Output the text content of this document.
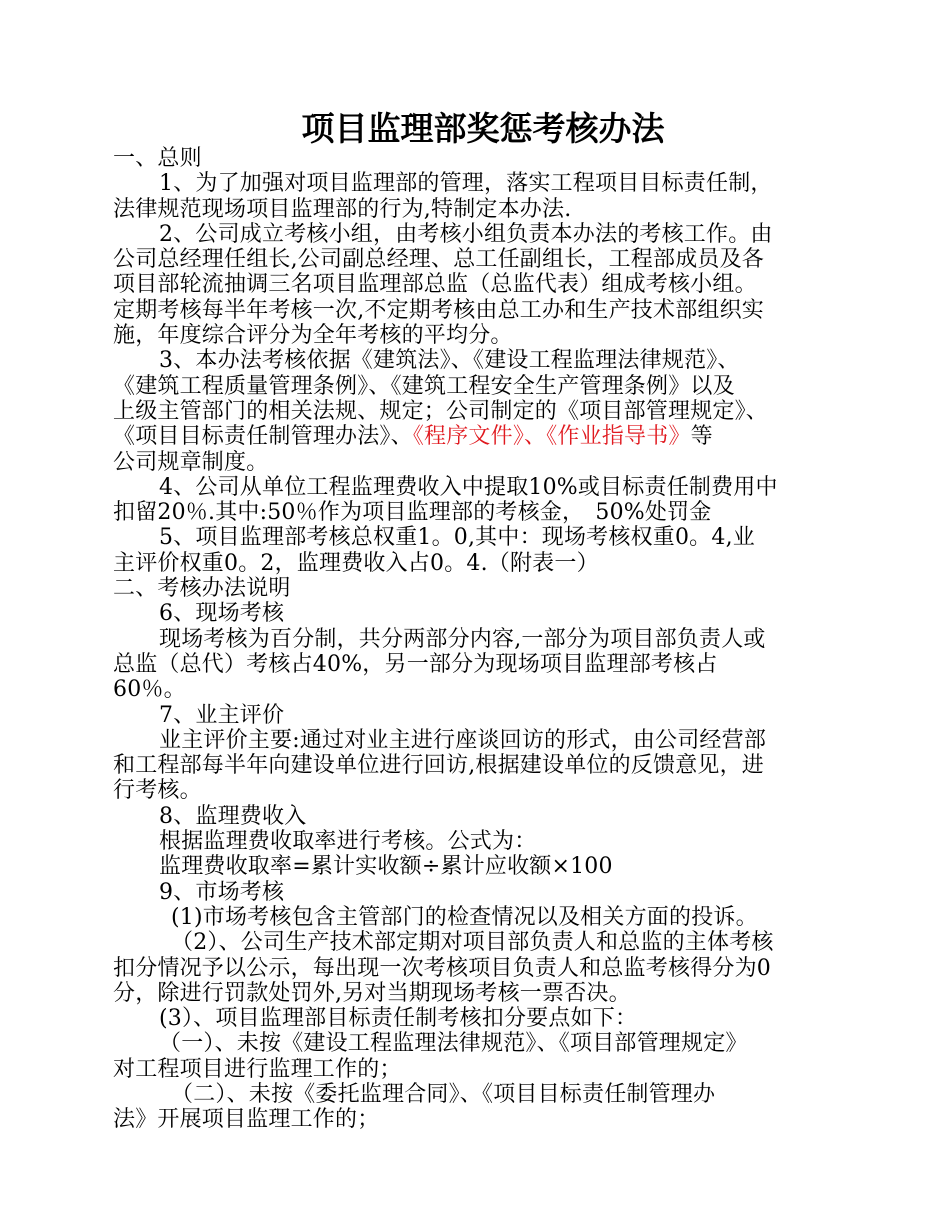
项目监理部奖惩考核办法
一、总则
1、为了加强对项目监理部的管理，落实工程项目目标责任制，
法律规范现场项目监理部的行为,特制定本办法.
2、公司成立考核小组，由考核小组负责本办法的考核工作。由
公司总经理任组长,公司副总经理、总工任副组长，工程部成员及各
项目部轮流抽调三名项目监理部总监（总监代表）组成考核小组。
定期考核每半年考核一次,不定期考核由总工办和生产技术部组织实
施，年度综合评分为全年考核的平均分。
3、本办法考核依据《建筑法》、《建设工程监理法律规范》、
《建筑工程质量管理条例》、《建筑工程安全生产管理条例》以及
上级主管部门的相关法规、规定；公司制定的《项目部管理规定》、
《项目目标责任制管理办法》、《程序文件》、《作业指导书》等
公司规章制度。
4、公司从单位工程监理费收入中提取10%或目标责任制费用中
扣留20％.其中:50％作为项目监理部的考核金，　50%处罚金
5、项目监理部考核总权重1。0,其中：现场考核权重0。4,业
主评价权重0。2，监理费收入占0。4.（附表一）
二、考核办法说明
6、现场考核
现场考核为百分制，共分两部分内容,一部分为项目部负责人或
总监（总代）考核占40%，另一部分为现场项目监理部考核占
60％。
7、业主评价
业主评价主要:通过对业主进行座谈回访的形式，由公司经营部
和工程部每半年向建设单位进行回访,根据建设单位的反馈意见，进
行考核。
8、监理费收入
根据监理费收取率进行考核。公式为：
监理费收取率=累计实收额÷累计应收额×100
9、市场考核
(1)市场考核包含主管部门的检查情况以及相关方面的投诉。
（2）、公司生产技术部定期对项目部负责人和总监的主体考核
扣分情况予以公示，每出现一次考核项目负责人和总监考核得分为0
分，除进行罚款处罚外,另对当期现场考核一票否决。
(3）、项目监理部目标责任制考核扣分要点如下：
（一）、未按《建设工程监理法律规范》、《项目部管理规定》
对工程项目进行监理工作的；
（二）、未按《委托监理合同》、《项目目标责任制管理办
法》开展项目监理工作的；
